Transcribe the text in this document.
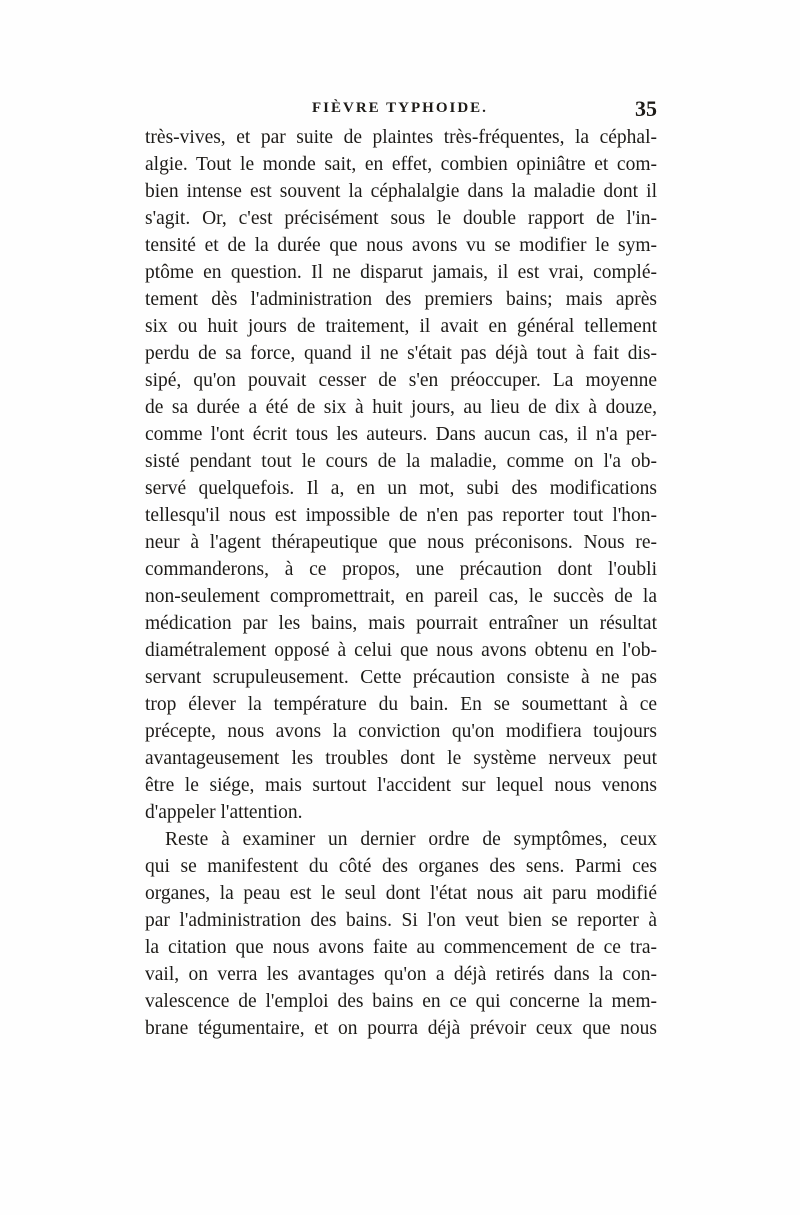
FIÈVRE TYPHOIDE.	35
très-vives, et par suite de plaintes très-fréquentes, la céphal-
algie. Tout le monde sait, en effet, combien opiniâtre et com-
bien intense est souvent la céphalalgie dans la maladie dont il
s'agit. Or, c'est précisément sous le double rapport de l'in-
tensité et de la durée que nous avons vu se modifier le sym-
ptôme en question. Il ne disparut jamais, il est vrai, complé-
tement dès l'administration des premiers bains; mais après
six ou huit jours de traitement, il avait en général tellement
perdu de sa force, quand il ne s'était pas déjà tout à fait dis-
sipé, qu'on pouvait cesser de s'en préoccuper. La moyenne
de sa durée a été de six à huit jours, au lieu de dix à douze,
comme l'ont écrit tous les auteurs. Dans aucun cas, il n'a per-
sisté pendant tout le cours de la maladie, comme on l'a ob-
servé quelquefois. Il a, en un mot, subi des modifications
tellesqu'il nous est impossible de n'en pas reporter tout l'hon-
neur à l'agent thérapeutique que nous préconisons. Nous re-
commanderons, à ce propos, une précaution dont l'oubli
non-seulement compromettrait, en pareil cas, le succès de la
médication par les bains, mais pourrait entraîner un résultat
diamétralement opposé à celui que nous avons obtenu en l'ob-
servant scrupuleusement. Cette précaution consiste à ne pas
trop élever la température du bain. En se soumettant à ce
précepte, nous avons la conviction qu'on modifiera toujours
avantageusement les troubles dont le système nerveux peut
être le siége, mais surtout l'accident sur lequel nous venons
d'appeler l'attention.
Reste à examiner un dernier ordre de symptômes, ceux
qui se manifestent du côté des organes des sens. Parmi ces
organes, la peau est le seul dont l'état nous ait paru modifié
par l'administration des bains. Si l'on veut bien se reporter à
la citation que nous avons faite au commencement de ce tra-
vail, on verra les avantages qu'on a déjà retirés dans la con-
valescence de l'emploi des bains en ce qui concerne la mem-
brane tégumentaire, et on pourra déjà prévoir ceux que nous
